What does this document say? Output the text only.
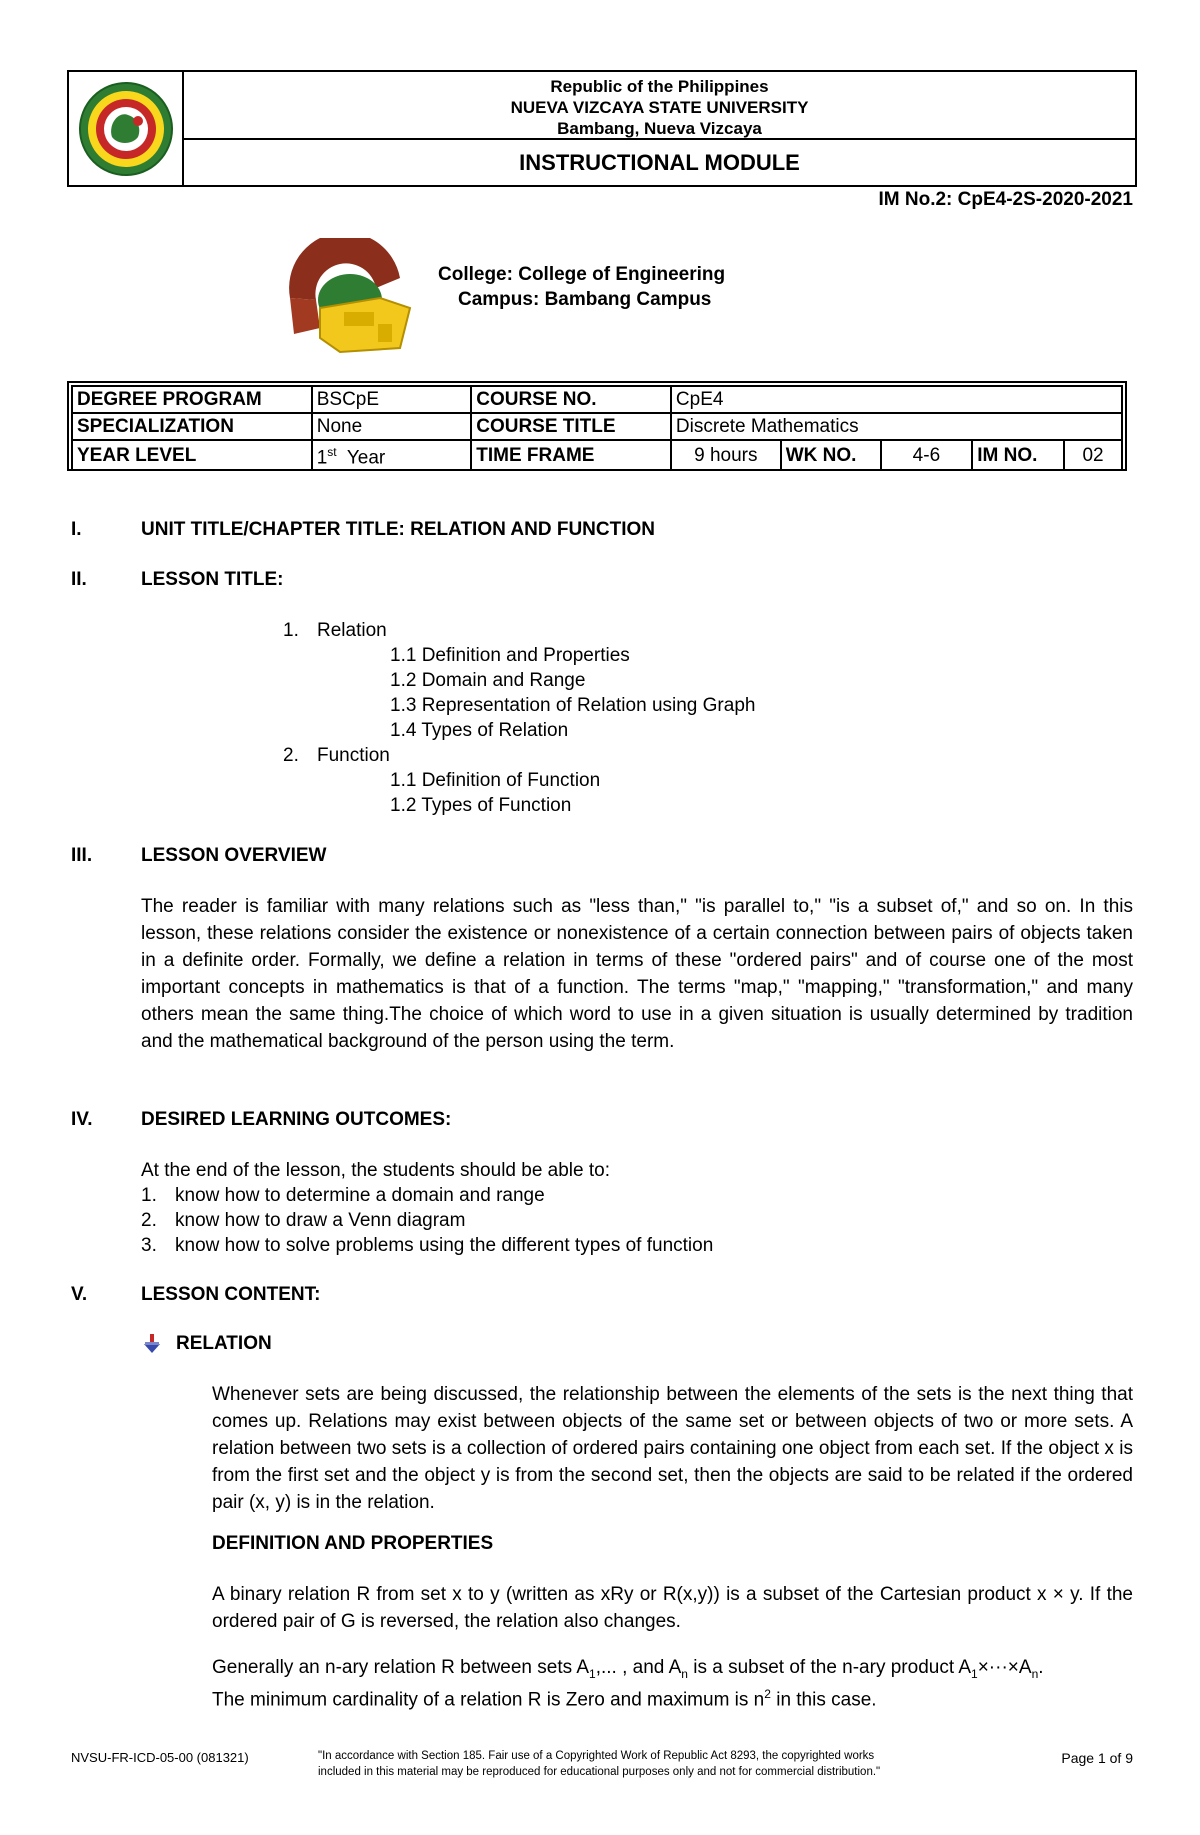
Republic of the Philippines
NUEVA VIZCAYA STATE UNIVERSITY
Bambang, Nueva Vizcaya
INSTRUCTIONAL MODULE
IM No.2: CpE4-2S-2020-2021
College: College of Engineering
Campus: Bambang Campus
DEGREE PROGRAM	BSCpE	COURSE NO.	CpE4				
SPECIALIZATION	None	COURSE TITLE	Discrete Mathematics				
YEAR LEVEL	1st Year	TIME FRAME	9 hours	WK NO.	4-6	IM NO.	02
I.	UNIT TITLE/CHAPTER TITLE: RELATION AND FUNCTION
II.	LESSON TITLE:
1. Relation
1.1 Definition and Properties
1.2 Domain and Range
1.3 Representation of Relation using Graph
1.4 Types of Relation
2. Function
1.1 Definition of Function
1.2 Types of Function
III.	LESSON OVERVIEW
The reader is familiar with many relations such as "less than," "is parallel to," "is a subset of," and so on. In this lesson, these relations consider the existence or nonexistence of a certain connection between pairs of objects taken in a definite order. Formally, we define a relation in terms of these "ordered pairs" and of course one of the most important concepts in mathematics is that of a function. The terms "map," "mapping," "transformation," and many others mean the same thing.The choice of which word to use in a given situation is usually determined by tradition and the mathematical background of the person using the term.
IV.	DESIRED LEARNING OUTCOMES:
At the end of the lesson, the students should be able to:
1. know how to determine a domain and range
2. know how to draw a Venn diagram
3. know how to solve problems using the different types of function
V.	LESSON CONTENT:
RELATION
Whenever sets are being discussed, the relationship between the elements of the sets is the next thing that comes up. Relations may exist between objects of the same set or between objects of two or more sets. A relation between two sets is a collection of ordered pairs containing one object from each set. If the object x is from the first set and the object y is from the second set, then the objects are said to be related if the ordered pair (x, y) is in the relation.
DEFINITION AND PROPERTIES
A binary relation R from set x to y (written as xRy or R(x,y)) is a subset of the Cartesian product x × y. If the ordered pair of G is reversed, the relation also changes.
Generally an n-ary relation R between sets $A_1$,... , and $A_n$ is a subset of the n-ary product $A_1\times\cdot\cdot\cdot\times A_n$.
The minimum cardinality of a relation R is Zero and maximum is $n^2$ in this case.
NVSU-FR-ICD-05-00 (081321)	"In accordance with Section 185. Fair use of a Copyrighted Work of Republic Act 8293, the copyrighted works
included in this material may be reproduced for educational purposes only and not for commercial distribution."
Page 1 of 9
